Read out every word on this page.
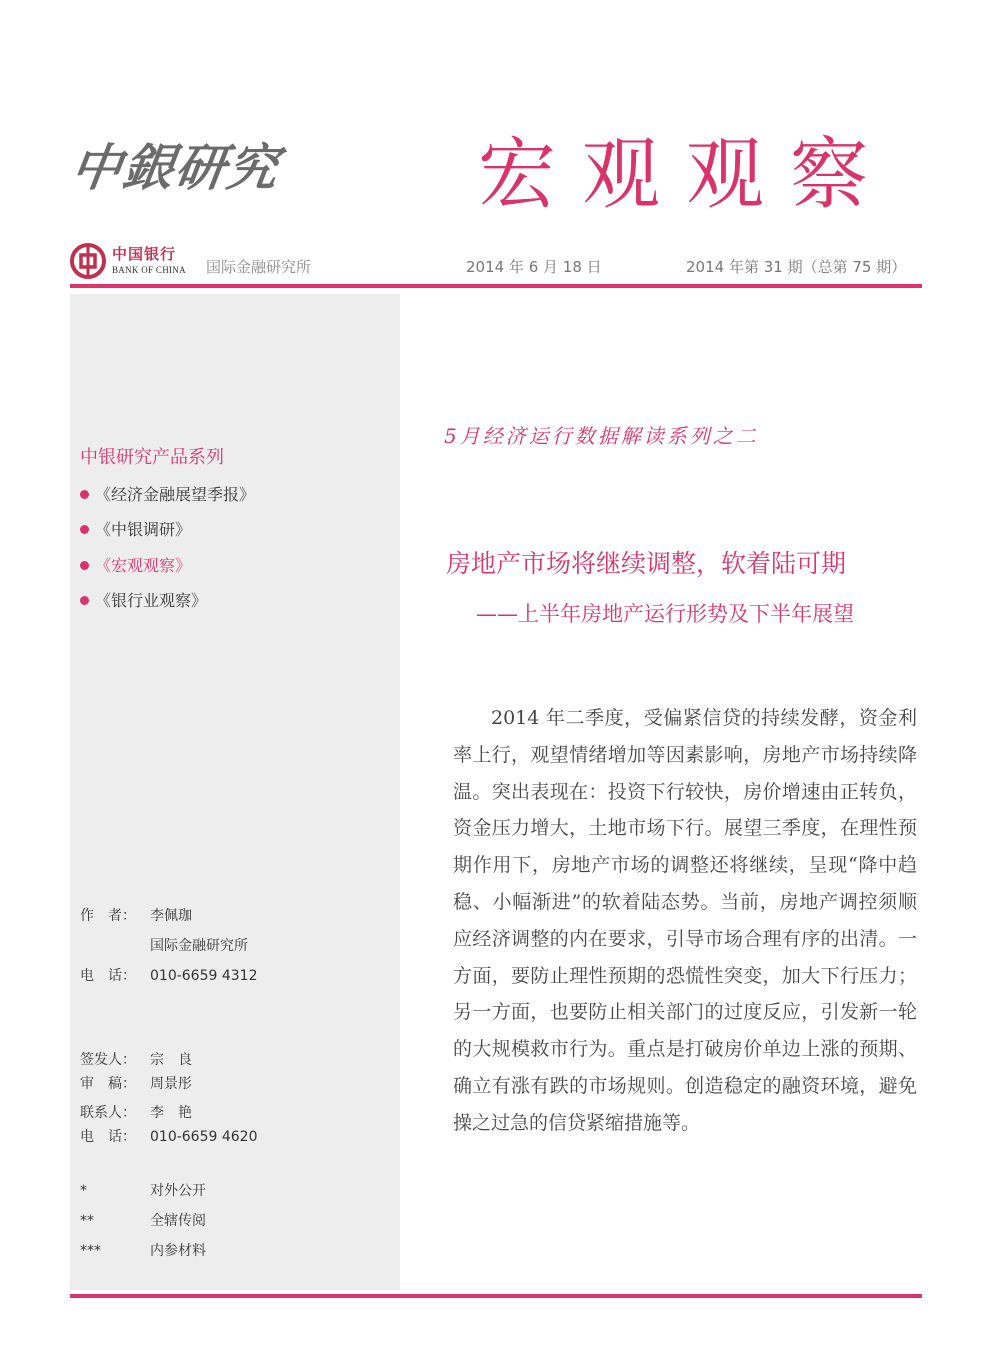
中銀研究 宏观观察
中国银行
BANK OF CHINA 国际金融研究所	2014 年 6 月 18 日	2014 年第 31 期（总第 75 期）
中银研究产品系列
《经济金融展望季报》
《中银调研》
《宏观观察》
《银行业观察》
作　者： 李佩珈
国际金融研究所
电　话： 010-6659 4312
签发人： 宗　良
审　稿： 周景彤
联系人： 李　艳
电　话： 010-6659 4620
*	对外公开
**	全辖传阅
***	内参材料
5月经济运行数据解读系列之二
房地产市场将继续调整，软着陆可期
——上半年房地产运行形势及下半年展望

2014 年二季度，受偏紧信贷的持续发酵，资金利率上行，观望情绪增加等因素影响，房地产市场持续降温。突出表现在：投资下行较快，房价增速由正转负，资金压力增大，土地市场下行。展望三季度，在理性预期作用下，房地产市场的调整还将继续，呈现“降中趋稳、小幅渐进”的软着陆态势。当前，房地产调控须顺应经济调整的内在要求，引导市场合理有序的出清。一方面，要防止理性预期的恐慌性突变，加大下行压力；另一方面，也要防止相关部门的过度反应，引发新一轮的大规模救市行为。重点是打破房价单边上涨的预期、确立有涨有跌的市场规则。创造稳定的融资环境，避免操之过急的信贷紧缩措施等。
